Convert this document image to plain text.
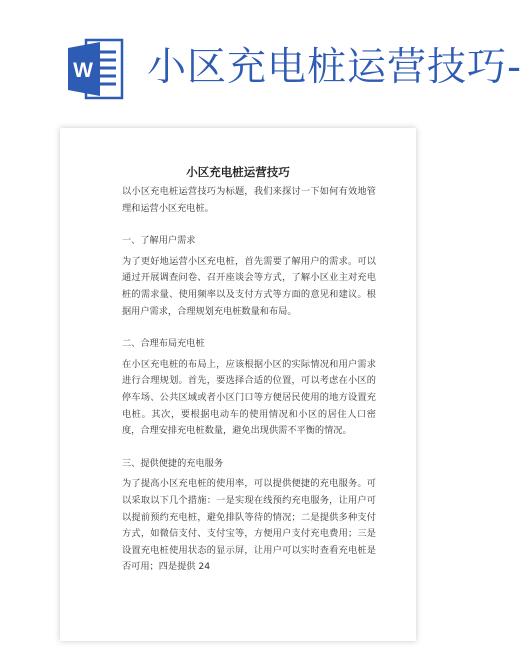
W 小区充电桩运营技巧-
小区充电桩运营技巧

以小区充电桩运营技巧为标题，我们来探讨一下如何有效地管理和运营小区充电桩。

一、了解用户需求

为了更好地运营小区充电桩，首先需要了解用户的需求。可以通过开展调查问卷、召开座谈会等方式，了解小区业主对充电桩的需求量、使用频率以及支付方式等方面的意见和建议。根据用户需求，合理规划充电桩数量和布局。

二、合理布局充电桩

在小区充电桩的布局上，应该根据小区的实际情况和用户需求进行合理规划。首先，要选择合适的位置，可以考虑在小区的停车场、公共区域或者小区门口等方便居民使用的地方设置充电桩。其次，要根据电动车的使用情况和小区的居住人口密度，合理安排充电桩数量，避免出现供需不平衡的情况。

三、提供便捷的充电服务

为了提高小区充电桩的使用率，可以提供便捷的充电服务。可以采取以下几个措施：一是实现在线预约充电服务，让用户可以提前预约充电桩，避免排队等待的情况；二是提供多种支付方式，如微信支付、支付宝等，方便用户支付充电费用；三是设置充电桩使用状态的显示屏，让用户可以实时查看充电桩是否可用；四是提供 24
